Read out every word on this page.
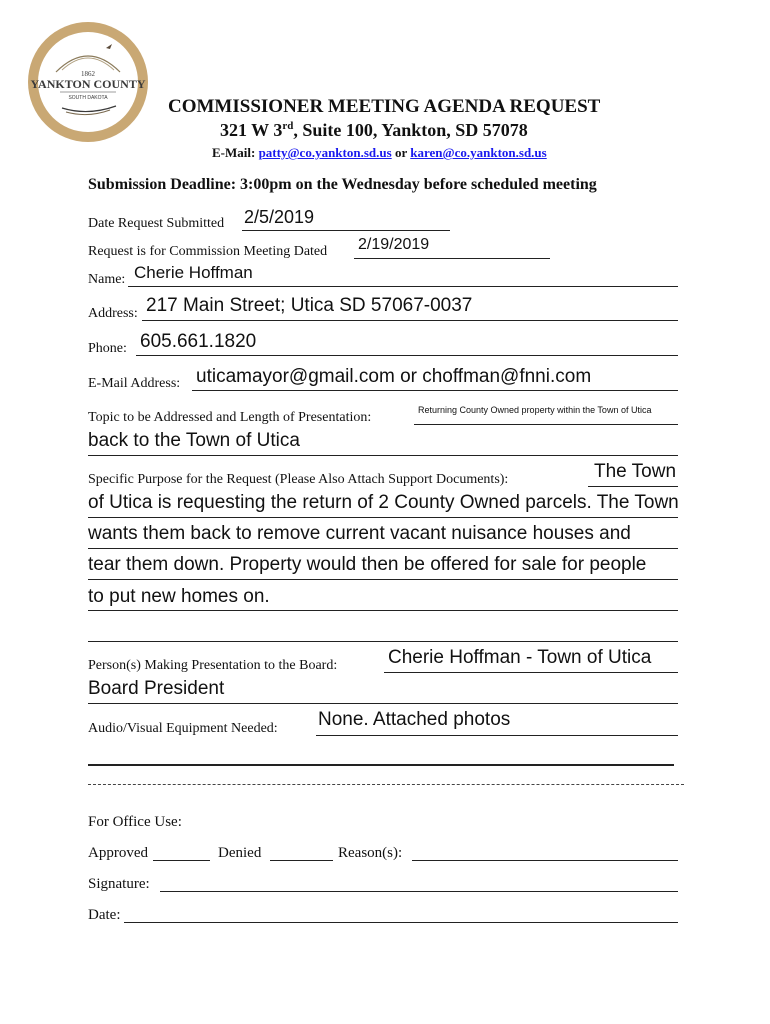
1862
YANKTON COUNTY
SOUTH DAKOTA	COMMISSIONER MEETING AGENDA REQUEST
321 W 3rd, Suite 100, Yankton, SD 57078
E-Mail: patty@co.yankton.sd.us or karen@co.yankton.sd.us
Submission Deadline: 3:00pm on the Wednesday before scheduled meeting
Date Request Submitted 2/5/2019
Request is for Commission Meeting Dated 2/19/2019
Name: Cherie Hoffman
Address: 217 Main Street; Utica SD 57067-0037
Phone: 605.661.1820
E-Mail Address: uticamayor@gmail.com or choffman@fnni.com
Topic to be Addressed and Length of Presentation:	Returning County Owned property within the Town of Utica
back to the Town of Utica
Specific Purpose for the Request (Please Also Attach Support Documents):	The Town
of Utica is requesting the return of 2 County Owned parcels. The Town
wants them back to remove current vacant nuisance houses and
tear them down. Property would then be offered for sale for people
to put new homes on.
Person(s) Making Presentation to the Board:	Cherie Hoffman - Town of Utica
Board President
Audio/Visual Equipment Needed: None. Attached photos
For Office Use:
Approved	Denied	Reason(s):
Signature:
Date:
